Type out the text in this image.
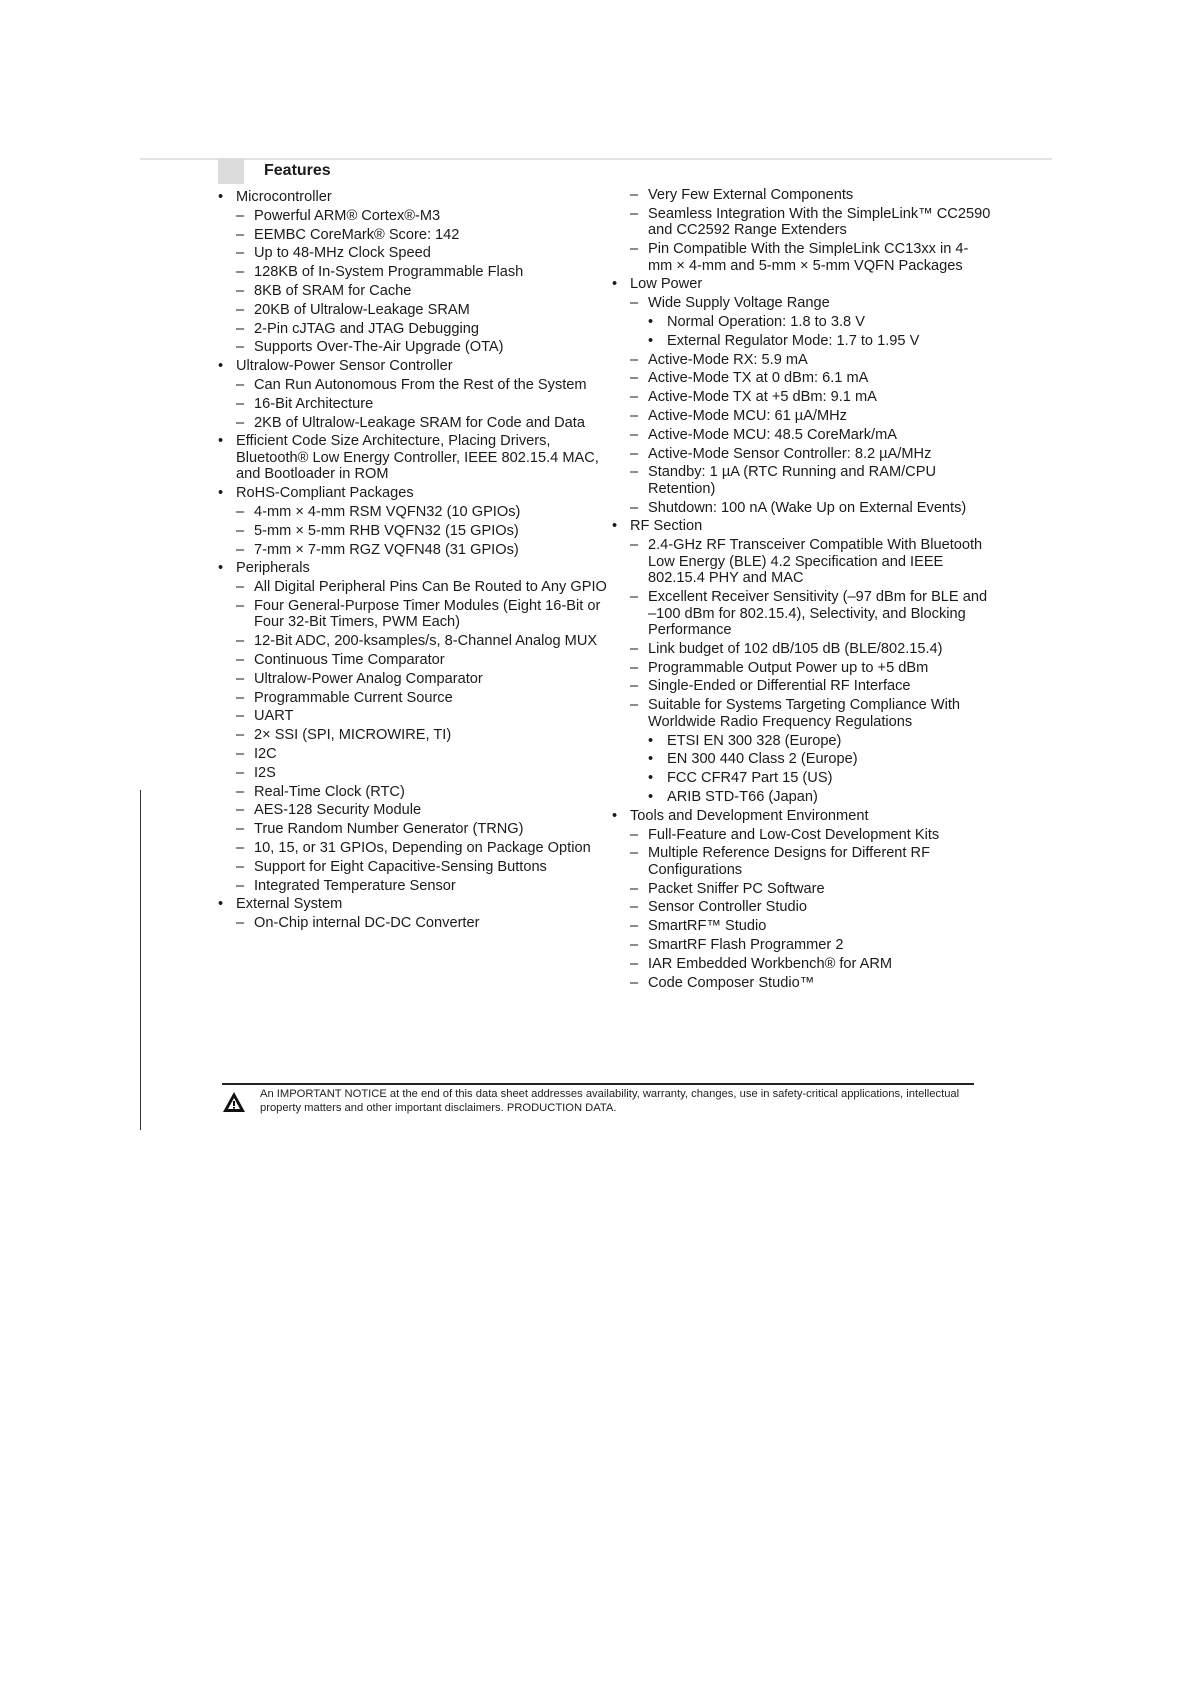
Features
• Microcontroller
– Powerful ARM® Cortex®-M3
– EEMBC CoreMark® Score: 142
– Up to 48-MHz Clock Speed
– 128KB of In-System Programmable Flash
– 8KB of SRAM for Cache
– 20KB of Ultralow-Leakage SRAM
– 2-Pin cJTAG and JTAG Debugging
– Supports Over-The-Air Upgrade (OTA)
• Ultralow-Power Sensor Controller
– Can Run Autonomous From the Rest of the System
– 16-Bit Architecture
– 2KB of Ultralow-Leakage SRAM for Code and Data
• Efficient Code Size Architecture, Placing Drivers, Bluetooth® Low Energy Controller, IEEE 802.15.4 MAC, and Bootloader in ROM
• RoHS-Compliant Packages
– 4-mm × 4-mm RSM VQFN32 (10 GPIOs)
– 5-mm × 5-mm RHB VQFN32 (15 GPIOs)
– 7-mm × 7-mm RGZ VQFN48 (31 GPIOs)
• Peripherals
– All Digital Peripheral Pins Can Be Routed to Any GPIO
– Four General-Purpose Timer Modules (Eight 16-Bit or Four 32-Bit Timers, PWM Each)
– 12-Bit ADC, 200-ksamples/s, 8-Channel Analog MUX
– Continuous Time Comparator
– Ultralow-Power Analog Comparator
– Programmable Current Source
– UART
– 2× SSI (SPI, MICROWIRE, TI)
– I2C
– I2S
– Real-Time Clock (RTC)
– AES-128 Security Module
– True Random Number Generator (TRNG)
– 10, 15, or 31 GPIOs, Depending on Package Option
– Support for Eight Capacitive-Sensing Buttons
– Integrated Temperature Sensor
• External System
– On-Chip internal DC-DC Converter
– Very Few External Components
– Seamless Integration With the SimpleLink™ CC2590 and CC2592 Range Extenders
– Pin Compatible With the SimpleLink CC13xx in 4-mm × 4-mm and 5-mm × 5-mm VQFN Packages
• Low Power
– Wide Supply Voltage Range
• Normal Operation: 1.8 to 3.8 V
• External Regulator Mode: 1.7 to 1.95 V
– Active-Mode RX: 5.9 mA
– Active-Mode TX at 0 dBm: 6.1 mA
– Active-Mode TX at +5 dBm: 9.1 mA
– Active-Mode MCU: 61 µA/MHz
– Active-Mode MCU: 48.5 CoreMark/mA
– Active-Mode Sensor Controller: 8.2 µA/MHz
– Standby: 1 µA (RTC Running and RAM/CPU Retention)
– Shutdown: 100 nA (Wake Up on External Events)
• RF Section
– 2.4-GHz RF Transceiver Compatible With Bluetooth Low Energy (BLE) 4.2 Specification and IEEE 802.15.4 PHY and MAC
– Excellent Receiver Sensitivity (–97 dBm for BLE and –100 dBm for 802.15.4), Selectivity, and Blocking Performance
– Link budget of 102 dB/105 dB (BLE/802.15.4)
– Programmable Output Power up to +5 dBm
– Single-Ended or Differential RF Interface
– Suitable for Systems Targeting Compliance With Worldwide Radio Frequency Regulations
• ETSI EN 300 328 (Europe)
• EN 300 440 Class 2 (Europe)
• FCC CFR47 Part 15 (US)
• ARIB STD-T66 (Japan)
• Tools and Development Environment
– Full-Feature and Low-Cost Development Kits
– Multiple Reference Designs for Different RF Configurations
– Packet Sniffer PC Software
– Sensor Controller Studio
– SmartRF™ Studio
– SmartRF Flash Programmer 2
– IAR Embedded Workbench® for ARM
– Code Composer Studio™
An IMPORTANT NOTICE at the end of this data sheet addresses availability, warranty, changes, use in safety-critical applications, intellectual property matters and other important disclaimers. PRODUCTION DATA.
